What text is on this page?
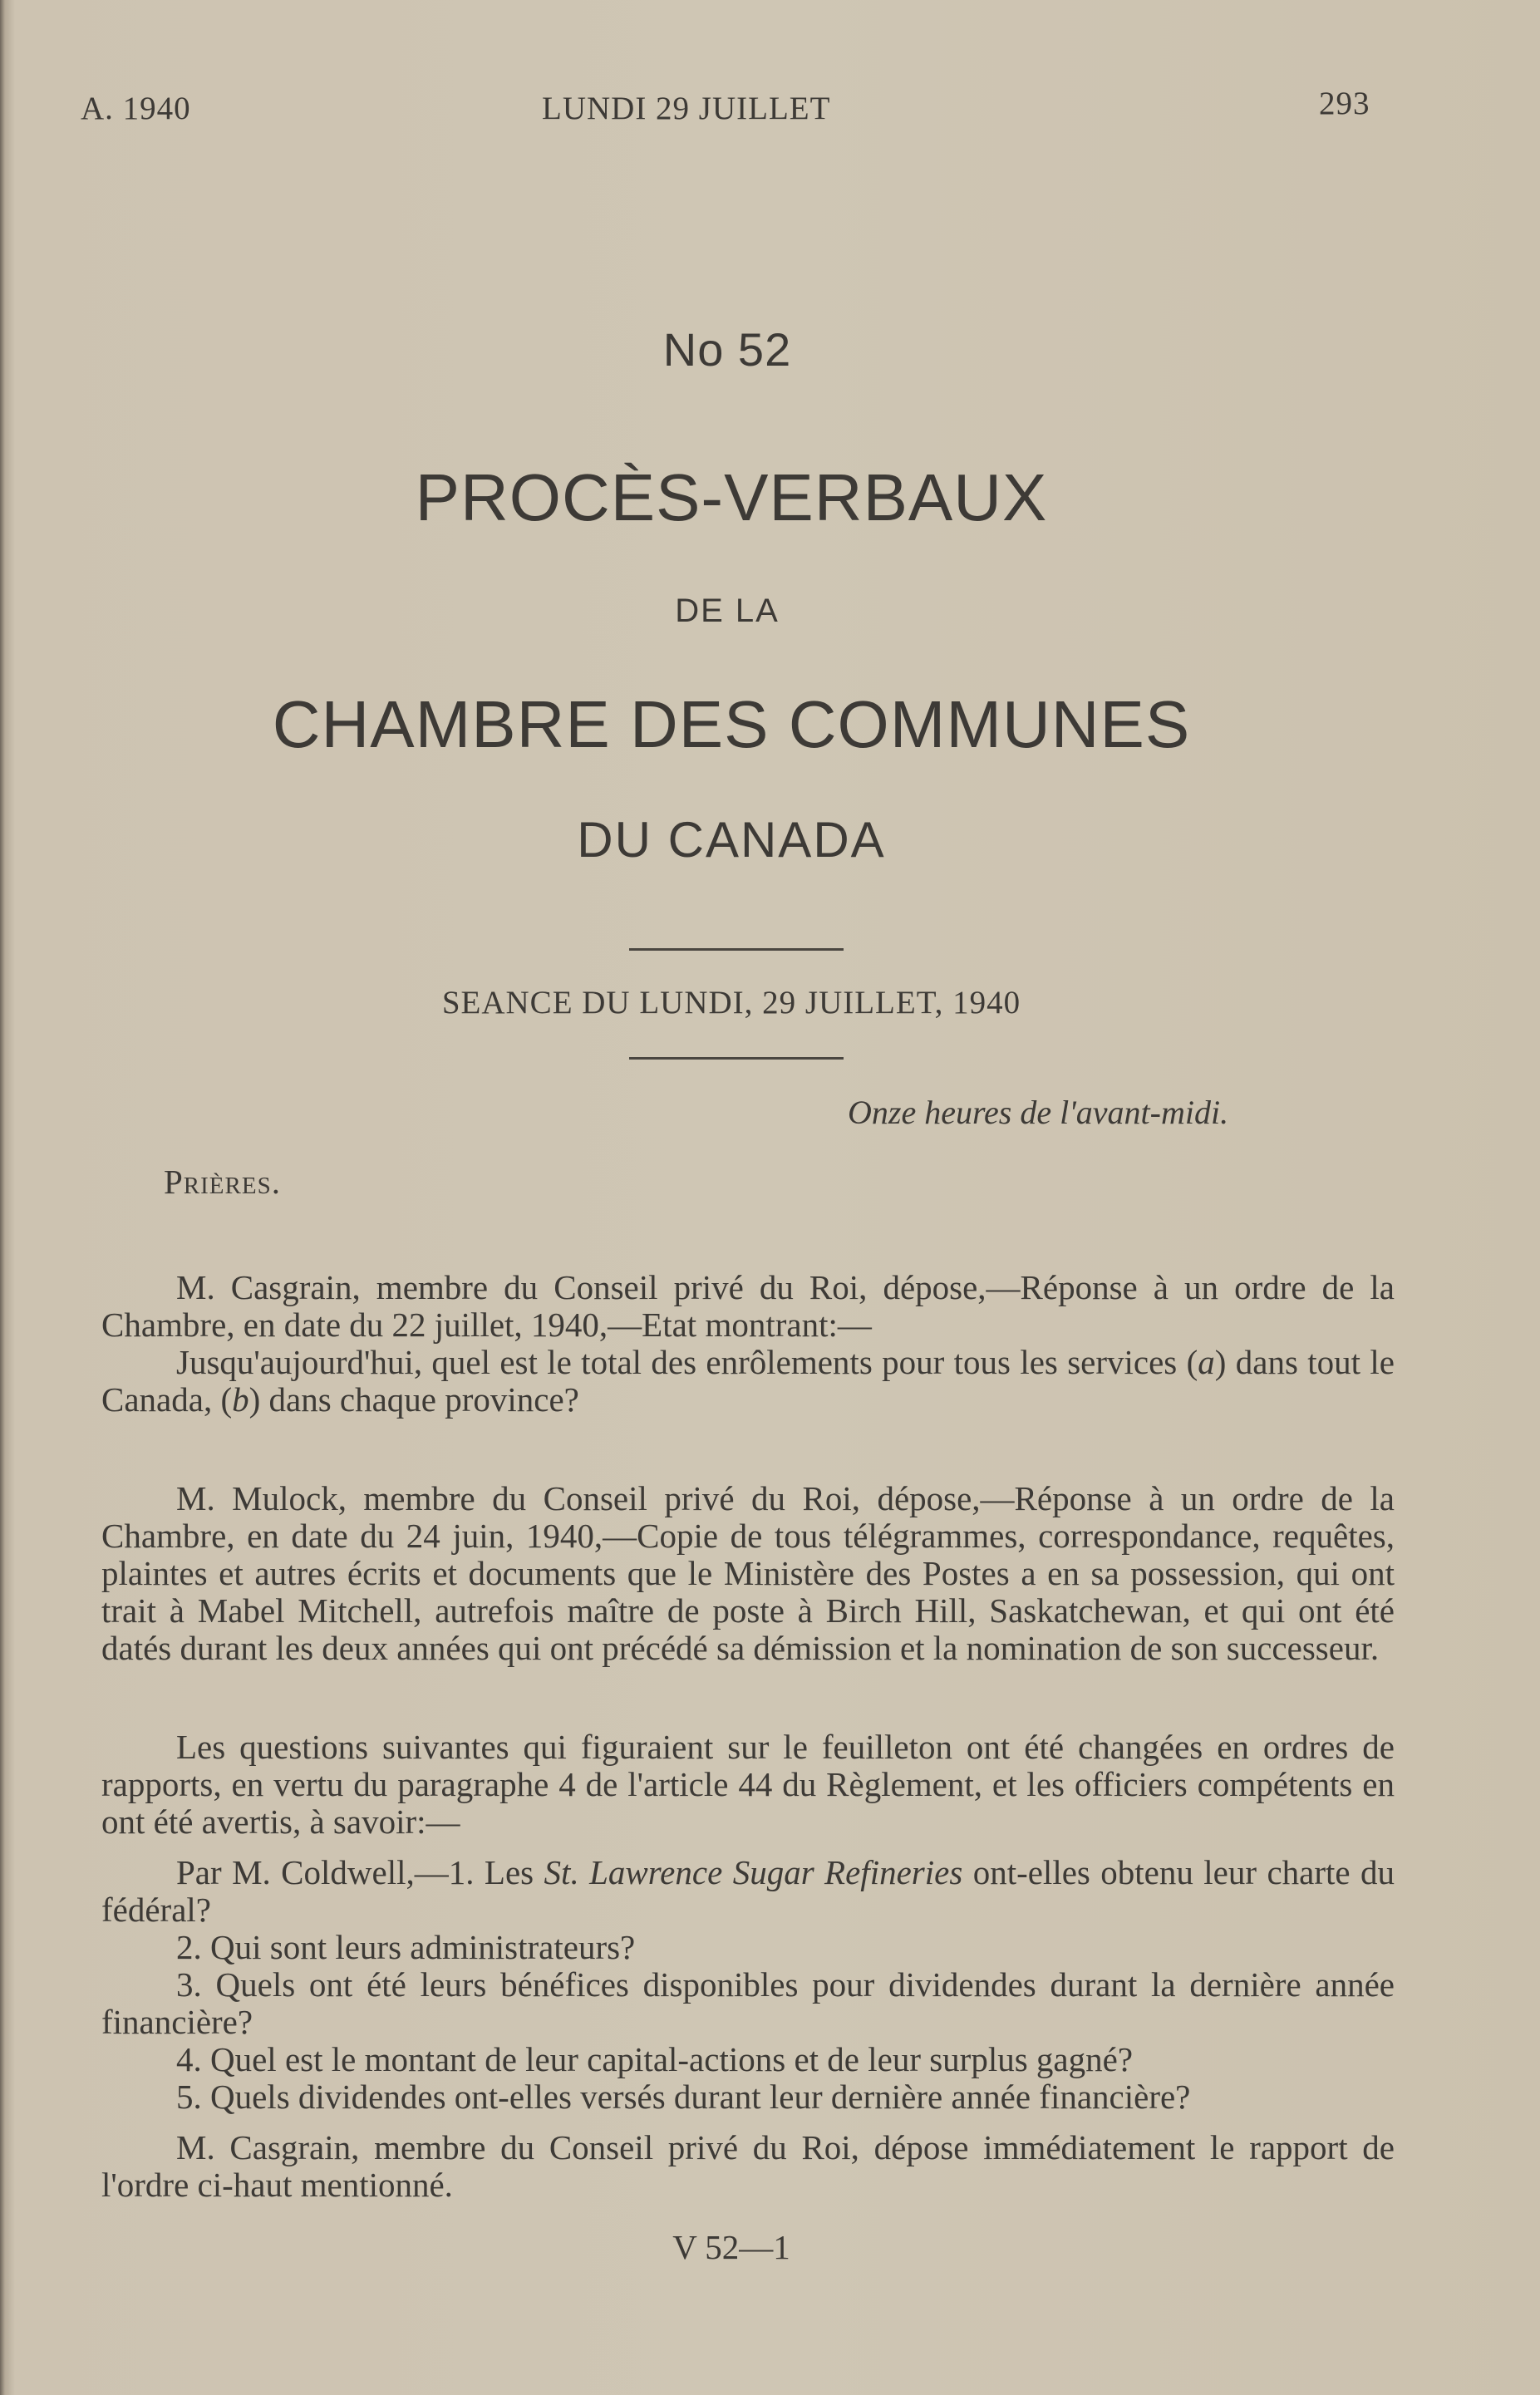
A. 1940	LUNDI 29 JUILLET	293
No 52
PROCÈS-VERBAUX
DE LA
CHAMBRE DES COMMUNES
DU CANADA
SEANCE DU LUNDI, 29 JUILLET, 1940
Onze heures de l'avant-midi.

Prières.

M. Casgrain, membre du Conseil privé du Roi, dépose,—Réponse à un ordre de la Chambre, en date du 22 juillet, 1940,—Etat montrant:—

Jusqu'aujourd'hui, quel est le total des enrôlements pour tous les services (a) dans tout le Canada, (b) dans chaque province?

M. Mulock, membre du Conseil privé du Roi, dépose,—Réponse à un ordre de la Chambre, en date du 24 juin, 1940,—Copie de tous télégrammes, correspondance, requêtes, plaintes et autres écrits et documents que le Ministère des Postes a en sa possession, qui ont trait à Mabel Mitchell, autrefois maître de poste à Birch Hill, Saskatchewan, et qui ont été datés durant les deux années qui ont précédé sa démission et la nomination de son successeur.

Les questions suivantes qui figuraient sur le feuilleton ont été changées en ordres de rapports, en vertu du paragraphe 4 de l'article 44 du Règlement, et les officiers compétents en ont été avertis, à savoir:—

Par M. Coldwell,—1. Les St. Lawrence Sugar Refineries ont-elles obtenu leur charte du fédéral?

2. Qui sont leurs administrateurs?

3. Quels ont été leurs bénéfices disponibles pour dividendes durant la dernière année financière?

4. Quel est le montant de leur capital-actions et de leur surplus gagné?

5. Quels dividendes ont-elles versés durant leur dernière année financière?

M. Casgrain, membre du Conseil privé du Roi, dépose immédiatement le rapport de l'ordre ci-haut mentionné.

V 52—1
